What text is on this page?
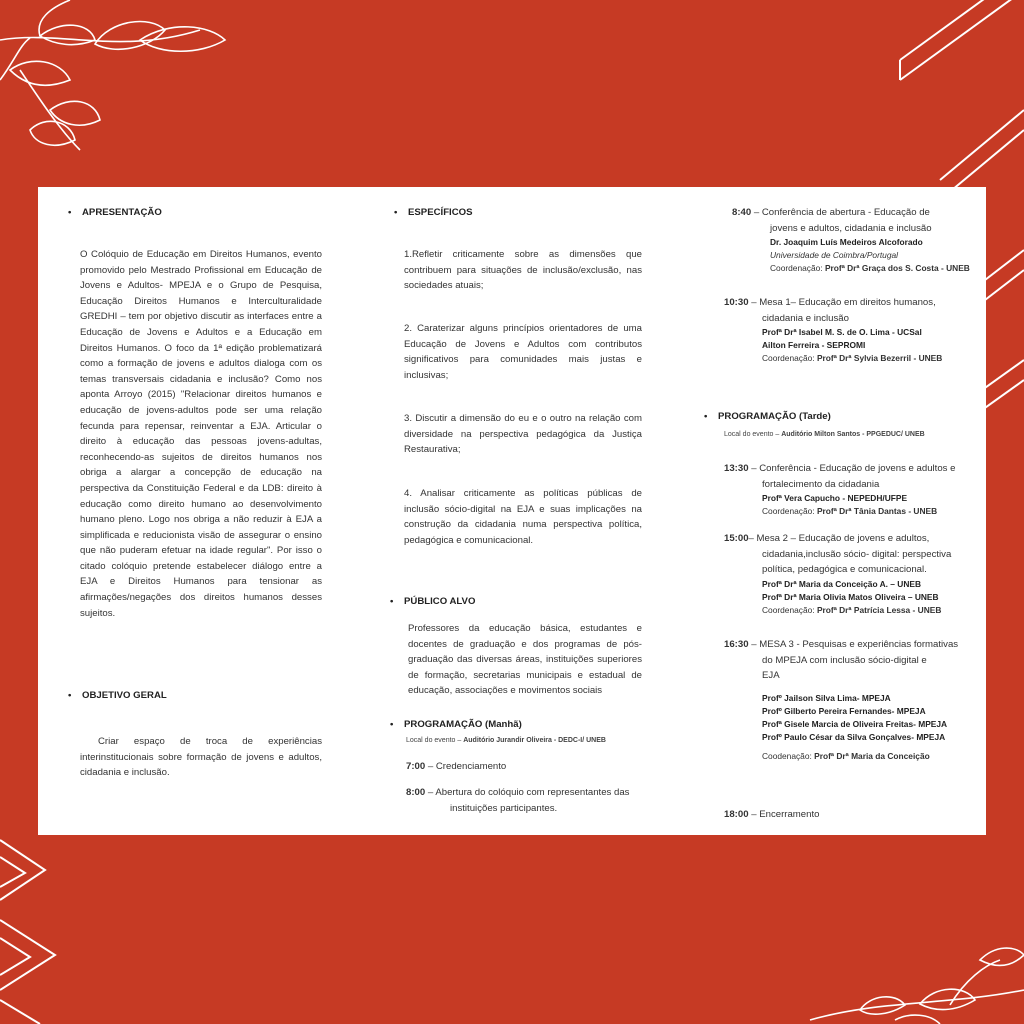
• APRESENTAÇÃO

O Colóquio de Educação em Direitos Humanos, evento promovido pelo Mestrado Profissional em Educação de Jovens e Adultos- MPEJA e o Grupo de Pesquisa, Educação Direitos Humanos e Interculturalidade GREDHI – tem por objetivo discutir as interfaces entre a Educação de Jovens e Adultos e a Educação em Direitos Humanos. O foco da 1ª edição problematizará como a formação de jovens e adultos dialoga com os temas transversais cidadania e inclusão? Como nos aponta Arroyo (2015) "Relacionar direitos humanos e educação de jovens-adultos pode ser uma relação fecunda para repensar, reinventar a EJA. Articular o direito à educação das pessoas jovens-adultas, reconhecendo-as sujeitos de direitos humanos nos obriga a alargar a concepção de educação na perspectiva da Constituição Federal e da LDB: direito à educação como direito humano ao desenvolvimento humano pleno. Logo nos obriga a não reduzir à EJA a simplificada e reducionista visão de assegurar o ensino que não puderam efetuar na idade regular". Por isso o citado colóquio pretende estabelecer diálogo entre a EJA e Direitos Humanos para tensionar as afirmações/negações dos direitos humanos desses sujeitos.

• OBJETIVO GERAL

Criar espaço de troca de experiências interinstitucionais sobre formação de jovens e adultos, cidadania e inclusão.

• ESPECÍFICOS

1.Refletir criticamente sobre as dimensões que contribuem para situações de inclusão/exclusão, nas sociedades atuais;

2. Caraterizar alguns princípios orientadores de uma Educação de Jovens e Adultos com contributos significativos para comunidades mais justas e inclusivas;

3. Discutir a dimensão do eu e o outro na relação com diversidade na perspectiva pedagógica da Justiça Restaurativa;

4. Analisar criticamente as políticas públicas de inclusão sócio-digital na EJA e suas implicações na construção da cidadania numa perspectiva política, pedagógica e comunicacional.

• PÚBLICO ALVO

Professores da educação básica, estudantes e docentes de graduação e dos programas de pós-graduação das diversas áreas, instituições superiores de formação, secretarias municipais e estadual de educação, associações e movimentos sociais

• PROGRAMAÇÃO (Manhã)
Local do evento – Auditório Jurandir Oliveira - DEDC-I/ UNEB
7:00 – Credenciamento
8:00 – Abertura do colóquio com representantes das
instituições participantes.
8:40 – Conferência de abertura - Educação de
jovens e adultos, cidadania e inclusão
Dr. Joaquim Luís Medeiros Alcoforado
Universidade de Coimbra/Portugal
Coordenação: Profª Drª Graça dos S. Costa - UNEB
10:30 – Mesa 1– Educação em direitos humanos,
cidadania e inclusão
Profª Drª Isabel M. S. de O. Lima - UCSal
Ailton Ferreira - SEPROMI
Coordenação: Profª Drª Sylvia Bezerril - UNEB
• PROGRAMAÇÃO (Tarde)
Local do evento – Auditório Milton Santos - PPGEDUC/ UNEB
13:30 – Conferência - Educação de jovens e adultos e
fortalecimento da cidadania
Profª Vera Capucho - NEPEDH/UFPE
Coordenação: Profª Drª Tânia Dantas - UNEB
15:00– Mesa 2 – Educação de jovens e adultos,
cidadania,inclusão sócio- digital: perspectiva
política, pedagógica e comunicacional.
Profª Drª Maria da Conceição A. – UNEB
Profª Drª Maria Olivia Matos Oliveira – UNEB
Coordenação: Profª Drª Patrícia Lessa - UNEB
16:30 – MESA 3 - Pesquisas e experiências formativas
do MPEJA com inclusão sócio-digital e
EJA
Profº Jailson Silva Lima- MPEJA
Profº Gilberto Pereira Fernandes- MPEJA
Profª Gisele Marcia de Oliveira Freitas- MPEJA
Profº Paulo César da Silva Gonçalves- MPEJA
Coodenação: Profª Drª Maria da Conceição
18:00 – Encerramento
